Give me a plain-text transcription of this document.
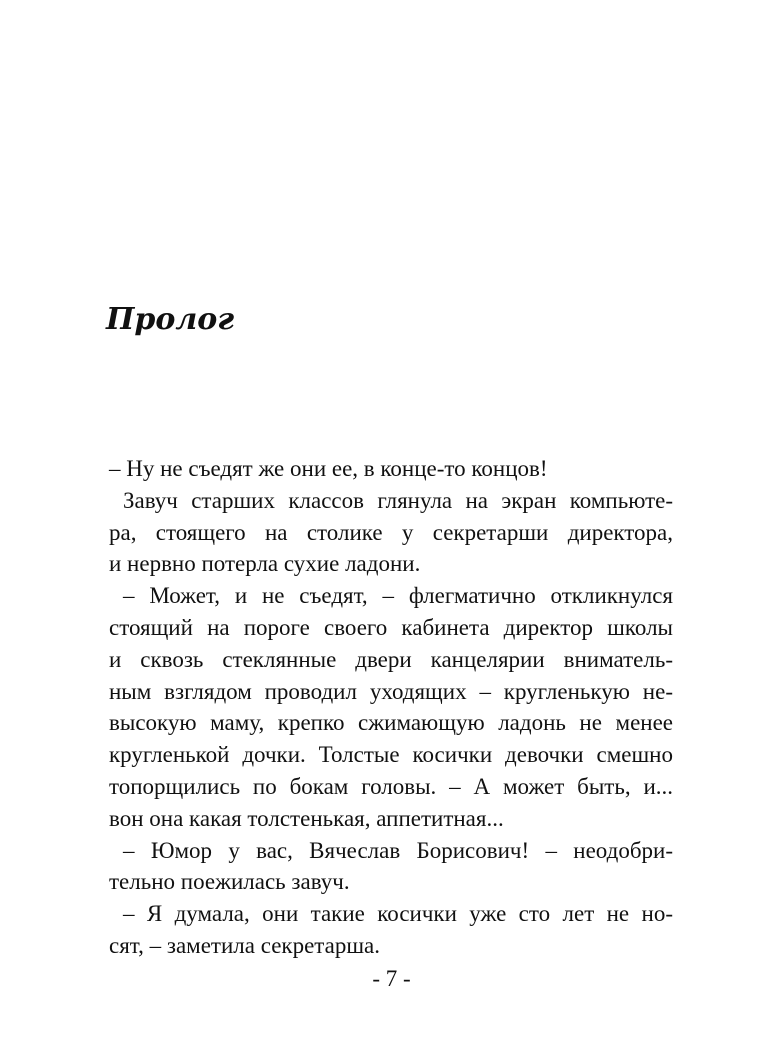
Пролог
– Ну не съедят же они ее, в конце-то концов!
Завуч старших классов глянула на экран компьюте-
ра, стоящего на столике у секретарши директора,
и нервно потерла сухие ладони.
– Может, и не съедят, – флегматично откликнулся
стоящий на пороге своего кабинета директор школы
и сквозь стеклянные двери канцелярии вниматель-
ным взглядом проводил уходящих – кругленькую не-
высокую маму, крепко сжимающую ладонь не менее
кругленькой дочки. Толстые косички девочки смешно
топорщились по бокам головы. – А может быть, и...
вон она какая толстенькая, аппетитная...
– Юмор у вас, Вячеслав Борисович! – неодобри-
тельно поежилась завуч.
– Я думала, они такие косички уже сто лет не но-
сят, – заметила секретарша.
- 7 -
